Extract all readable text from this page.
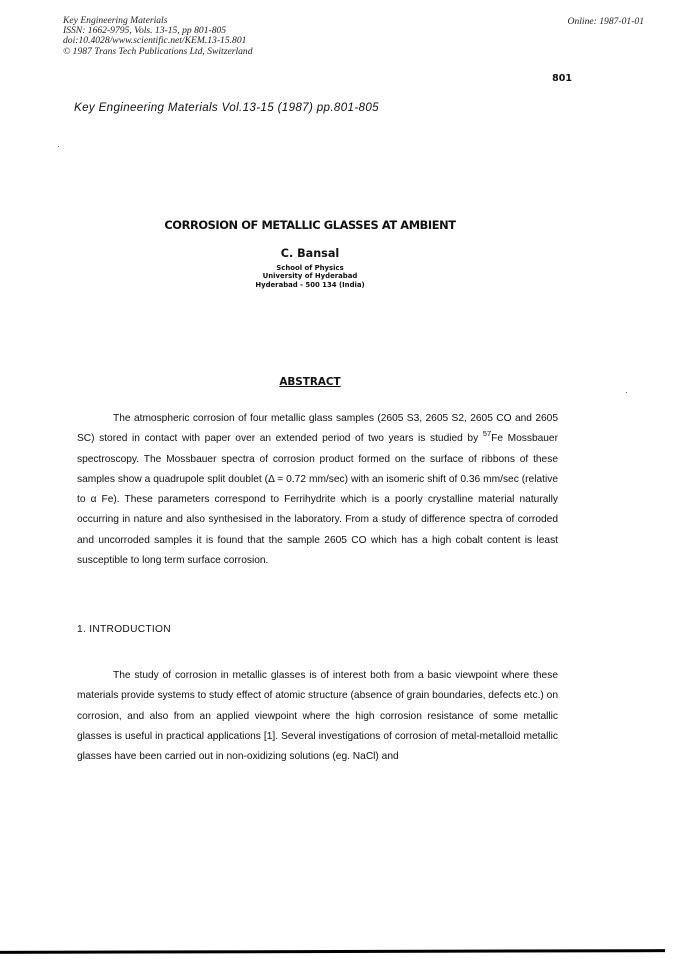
Key Engineering Materials
ISSN: 1662-9795, Vols. 13-15, pp 801-805
doi:10.4028/www.scientific.net/KEM.13-15.801
© 1987 Trans Tech Publications Ltd, Switzerland
Online: 1987-01-01
801
Key Engineering Materials Vol.13-15 (1987) pp.801-805
CORROSION OF METALLIC GLASSES AT AMBIENT
C. Bansal
School of Physics
University of Hyderabad
Hyderabad - 500 134 (India)
ABSTRACT
The atmospheric corrosion of four metallic glass samples (2605 S3, 2605 S2, 2605 CO and 2605 SC) stored in contact with paper over an extended period of two years is studied by $^{57}$Fe Mossbauer spectroscopy. The Mossbauer spectra of corrosion product formed on the surface of ribbons of these samples show a quadrupole split doublet (Δ = 0.72 mm/sec) with an isomeric shift of 0.36 mm/sec (relative to α Fe). These parameters correspond to Ferrihydrite which is a poorly crystalline material naturally occurring in nature and also synthesised in the laboratory. From a study of difference spectra of corroded and uncorroded samples it is found that the sample 2605 CO which has a high cobalt content is least susceptible to long term surface corrosion.
1. INTRODUCTION
The study of corrosion in metallic glasses is of interest both from a basic viewpoint where these materials provide systems to study effect of atomic structure (absence of grain boundaries, defects etc.) on corrosion, and also from an applied viewpoint where the high corrosion resistance of some metallic glasses is useful in practical applications [1]. Several investigations of corrosion of metal-metalloid metallic glasses have been carried out in non-oxidizing solutions (eg. NaCl) and
